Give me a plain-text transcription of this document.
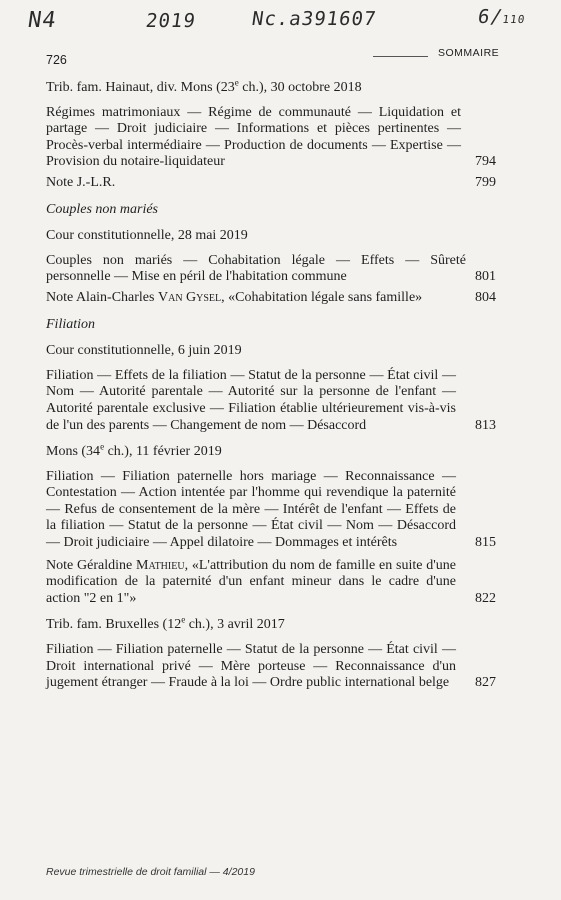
N4	2019	Nc.a391607	6/110
726	SOMMAIRE
Trib. fam. Hainaut, div. Mons (23e ch.), 30 octobre 2018
Régimes matrimoniaux — Régime de communauté — Liquidation et partage — Droit judiciaire — Informations et pièces pertinentes — Procès-verbal intermédiaire — Production de documents — Expertise — Provision du notaire-liquidateur	794
Note J.-L.R.	799
Couples non mariés
Cour constitutionnelle, 28 mai 2019
Couples non mariés — Cohabitation légale — Effets — Sûreté personnelle — Mise en péril de l'habitation commune	801
Note Alain-Charles Van Gysel, «Cohabitation légale sans famille»	804
Filiation
Cour constitutionnelle, 6 juin 2019
Filiation — Effets de la filiation — Statut de la personne — État civil — Nom — Autorité parentale — Autorité sur la personne de l'enfant — Autorité parentale exclusive — Filiation établie ultérieurement vis-à-vis de l'un des parents — Changement de nom — Désaccord	813
Mons (34e ch.), 11 février 2019
Filiation — Filiation paternelle hors mariage — Reconnaissance — Contestation — Action intentée par l'homme qui revendique la paternité — Refus de consentement de la mère — Intérêt de l'enfant — Effets de la filiation — Statut de la personne — État civil — Nom — Désaccord — Droit judiciaire — Appel dilatoire — Dommages et intérêts	815
Note Géraldine Mathieu, «L'attribution du nom de famille en suite d'une modification de la paternité d'un enfant mineur dans le cadre d'une action "2 en 1"»	822
Trib. fam. Bruxelles (12e ch.), 3 avril 2017
Filiation — Filiation paternelle — Statut de la personne — État civil — Droit international privé — Mère porteuse — Reconnaissance d'un jugement étranger — Fraude à la loi — Ordre public international belge	827
Revue trimestrielle de droit familial — 4/2019
